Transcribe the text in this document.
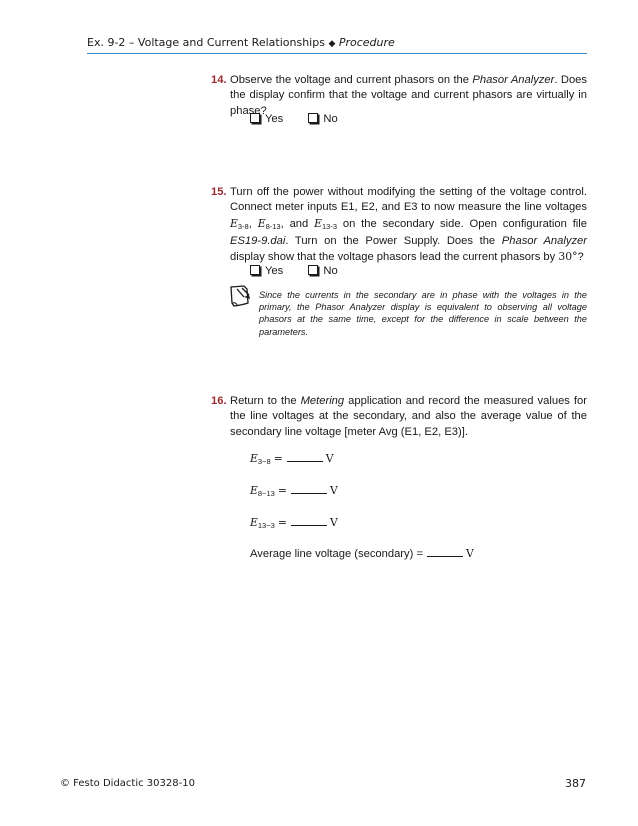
Ex. 9-2 – Voltage and Current Relationships ◆ Procedure
14. Observe the voltage and current phasors on the Phasor Analyzer. Does the display confirm that the voltage and current phasors are virtually in phase?
Yes	No
15. Turn off the power without modifying the setting of the voltage control. Connect meter inputs E1, E2, and E3 to now measure the line voltages $E_{3-8}$, $E_{8-13}$, and $E_{13-3}$ on the secondary side. Open configuration file ES19-9.dai. Turn on the Power Supply. Does the Phasor Analyzer display show that the voltage phasors lead the current phasors by 30°?
Yes	No
Since the currents in the secondary are in phase with the voltages in the primary, the Phasor Analyzer display is equivalent to observing all voltage phasors at the same time, except for the difference in scale between the parameters.
16. Return to the Metering application and record the measured values for the line voltages at the secondary, and also the average value of the secondary line voltage [meter Avg (E1, E2, E3)].
$E_{3-8}$ =	V
$E_{8-13}$ =	V
$E_{13-3}$ =	V
Average line voltage (secondary) =	V
© Festo Didactic 30328-10	387
